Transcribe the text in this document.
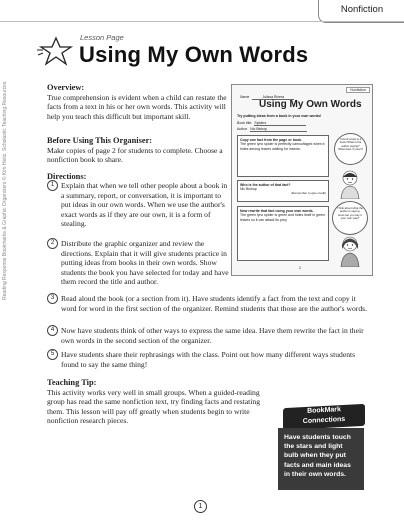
Nonfiction
Lesson Page
Using My Own Words
Reading Response Bookmarks & Graphic Organizers © Kim Heitz, Scholastic Teaching Resources	Overview:
True comprehension is evident when a child can restate the facts from a text in his or her own words. This activity will help you teach this difficult but important skill.
Before Using This Organiser:
Make copies of page 2 for students to complete. Choose a nonfiction book to share.
Directions:
1 Explain that when we tell other people about a book in a summary, report, or conversation, it is important to put ideas in our own words. When we use the author's exact words as if they are our own, it is a form of stealing.
2 Distribute the graphic organizer and review the directions. Explain that it will give students practice in putting ideas from books in their own words. Show students the book you have selected for today and have them record the title and author.
3 Read aloud the book (or a section from it). Have students identify a fact from the text and copy it word for word in the first section of the organizer. Remind students that those are the author's words.
4 Now have students think of other ways to express the same idea. Have them rewrite the fact in their own words in the second section of the organizer.
5 Have students share their rephrasings with the class. Point out how many different ways students found to say the same thing!
Teaching Tip:
This activity works very well in small groups. When a guided-reading group has read the same nonfiction text, try finding facts and restating them. This lesson will pay off greatly when students begin to write nonfiction research pieces.
Nonfiction
Name	Julissa Rivera
Using My Own Words
Try putting ideas from a book in your own words!
Book title Spiders
Author Nic Bishop
Copy one fact from the page or book.
The green lynx spider is perfectly camouflaged when it hides among leaves waiting for insects.
Who is the author of that fact?
Nic Bishop
(Remember to give credit)
Now rewrite that fact using your own words.
The green lynx spider is green and hides itself in green leaves so it can attack its prey.
I found a fact in a book! What is the author saying? What does it mean?
Think about what the author is saying. How can you say it your own way?
2
BookMark
Connections
Have students touch the stars and light bulb when they put facts and main ideas in their own words.
1
